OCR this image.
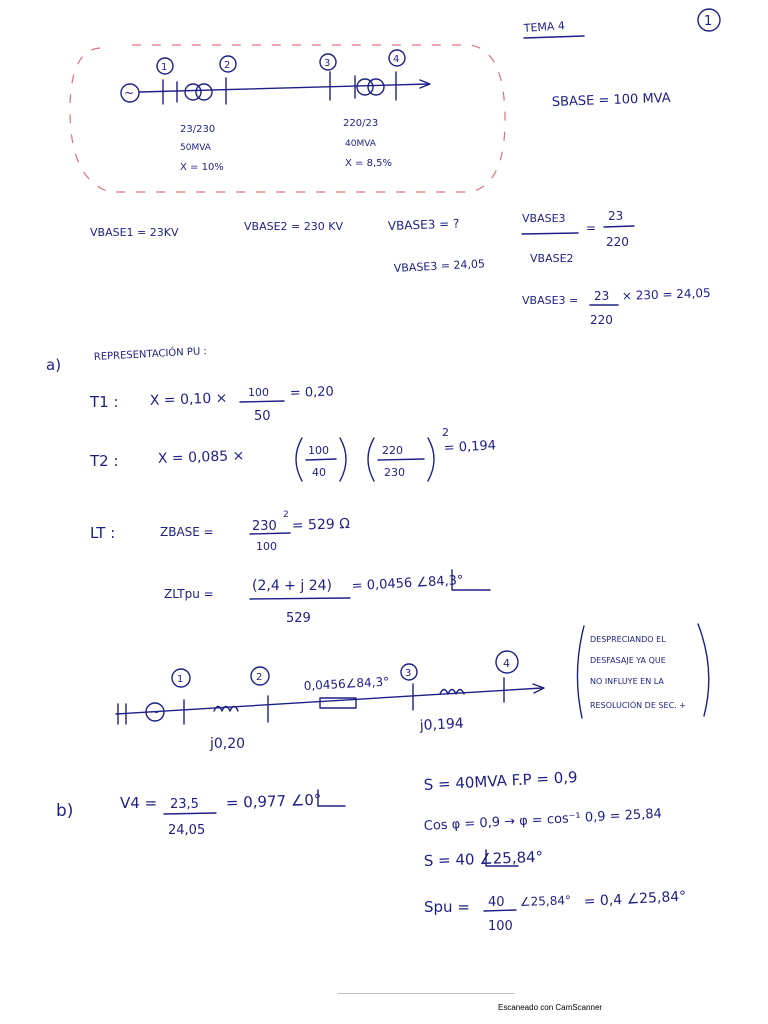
TEMA 4	1
~
1	2	3	4
23/230
50MVA
X = 10%
220/23
40MVA
X = 8,5%
SBASE = 100 MVA
VBASE1 = 23KV	VBASE2 = 230 KV	VBASE3 = ?
VBASE3 = 24,05
VBASE3
VBASE2
=
23
220
VBASE3 = 23
220
× 230 = 24,05
a)
REPRESENTACIÓN PU :
T1 : X = 0,10 × 100
50
= 0,20
T2 :	X = 0,085 ×	100
40
220
230
2
= 0,194
LT :	ZBASE =	230
2
100
= 529 Ω
ZLTpu =	(2,4 + j 24)
529
= 0,0456 ∠84,3°
~
1	2	3
4
j0,20
0,0456∠84,3°
j0,194
DESPRECIANDO EL
DESFASAJE YA QUE
NO INFLUYE EN LA
RESOLUCIÓN DE SEC. +
b)	V4 = 23,5
24,05
= 0,977 ∠0°
S = 40MVA F.P = 0,9
Cos φ = 0,9 → φ = cos⁻¹ 0,9 = 25,84
S = 40 ∠25,84°
Spu = 40
100
∠25,84° = 0,4 ∠25,84°
Escaneado con CamScanner
